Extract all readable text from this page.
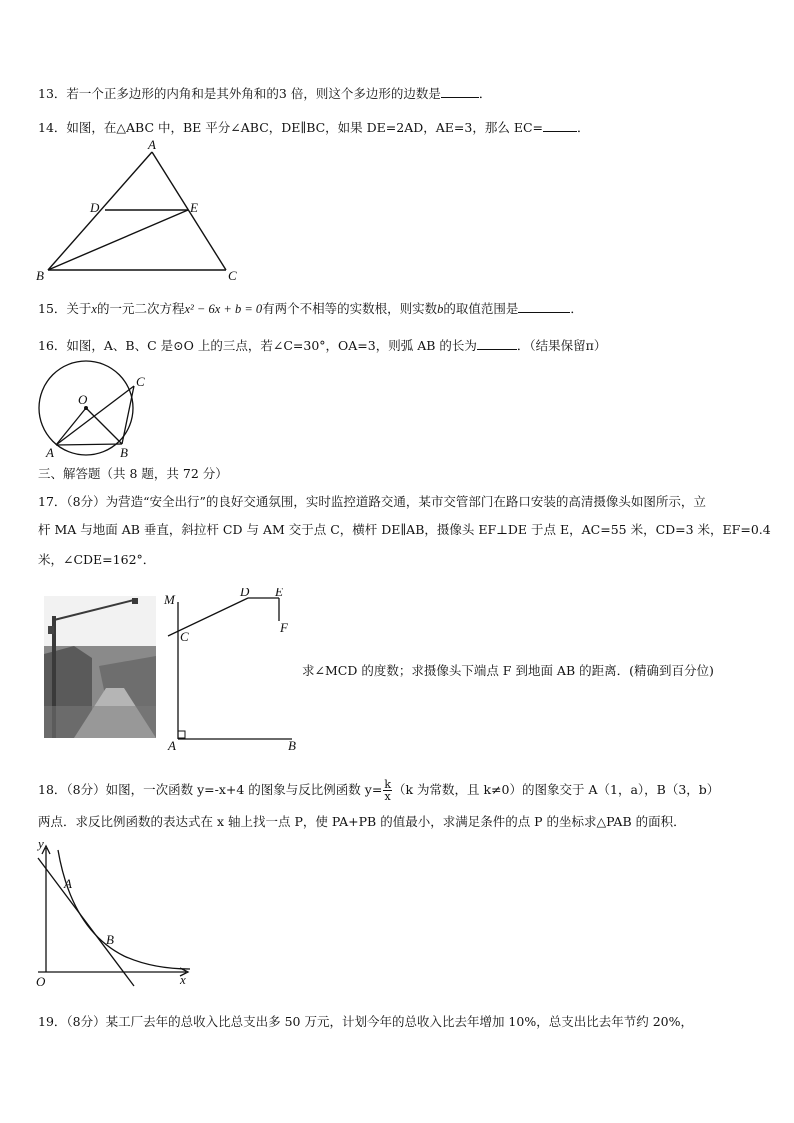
13．若一个正多边形的内角和是其外角和的3 倍，则这个多边形的边数是	．
14．如图，在△ABC 中，BE 平分∠ABC，DE∥BC，如果 DE=2AD，AE=3，那么 EC=	．
A
D	E
B	C
15．关于x的一元二次方程x² − 6x + b = 0有两个不相等的实数根，则实数b的取值范围是	．
16．如图，A、B、C 是⊙O 上的三点，若∠C=30°，OA=3，则弧 AB 的长为	．（结果保留π）
O
A	B
C
三、解答题（共 8 题，共 72 分）
17．（8分）为营造“安全出行”的良好交通氛围，实时监控道路交通，某市交管部门在路口安装的高清摄像头如图所示，立
杆 MA 与地面 AB 垂直，斜拉杆 CD 与 AM 交于点 C，横杆 DE∥AB，摄像头 EF⊥DE 于点 E，AC=55 米，CD=3 米，EF=0.4
米，∠CDE=162°．
M
D E
F
C
A	B
求∠MCD 的度数；求摄像头下端点 F 到地面 AB 的距离．(精确到百分位)
18．（8分）如图，一次函数 y=-x+4 的图象与反比例函数 $y= \frac{k}{x} (k$ 为常数，且 k≠0）的图象交于 A（1，a），B（3，b）
两点．求反比例函数的表达式在 x 轴上找一点 P，使 PA+PB 的值最小，求满足条件的点 P 的坐标求△PAB 的面积．
y
x
O
A
B
19．（8分）某工厂去年的总收入比总支出多 50 万元，计划今年的总收入比去年增加 10%，总支出比去年节约 20%，
